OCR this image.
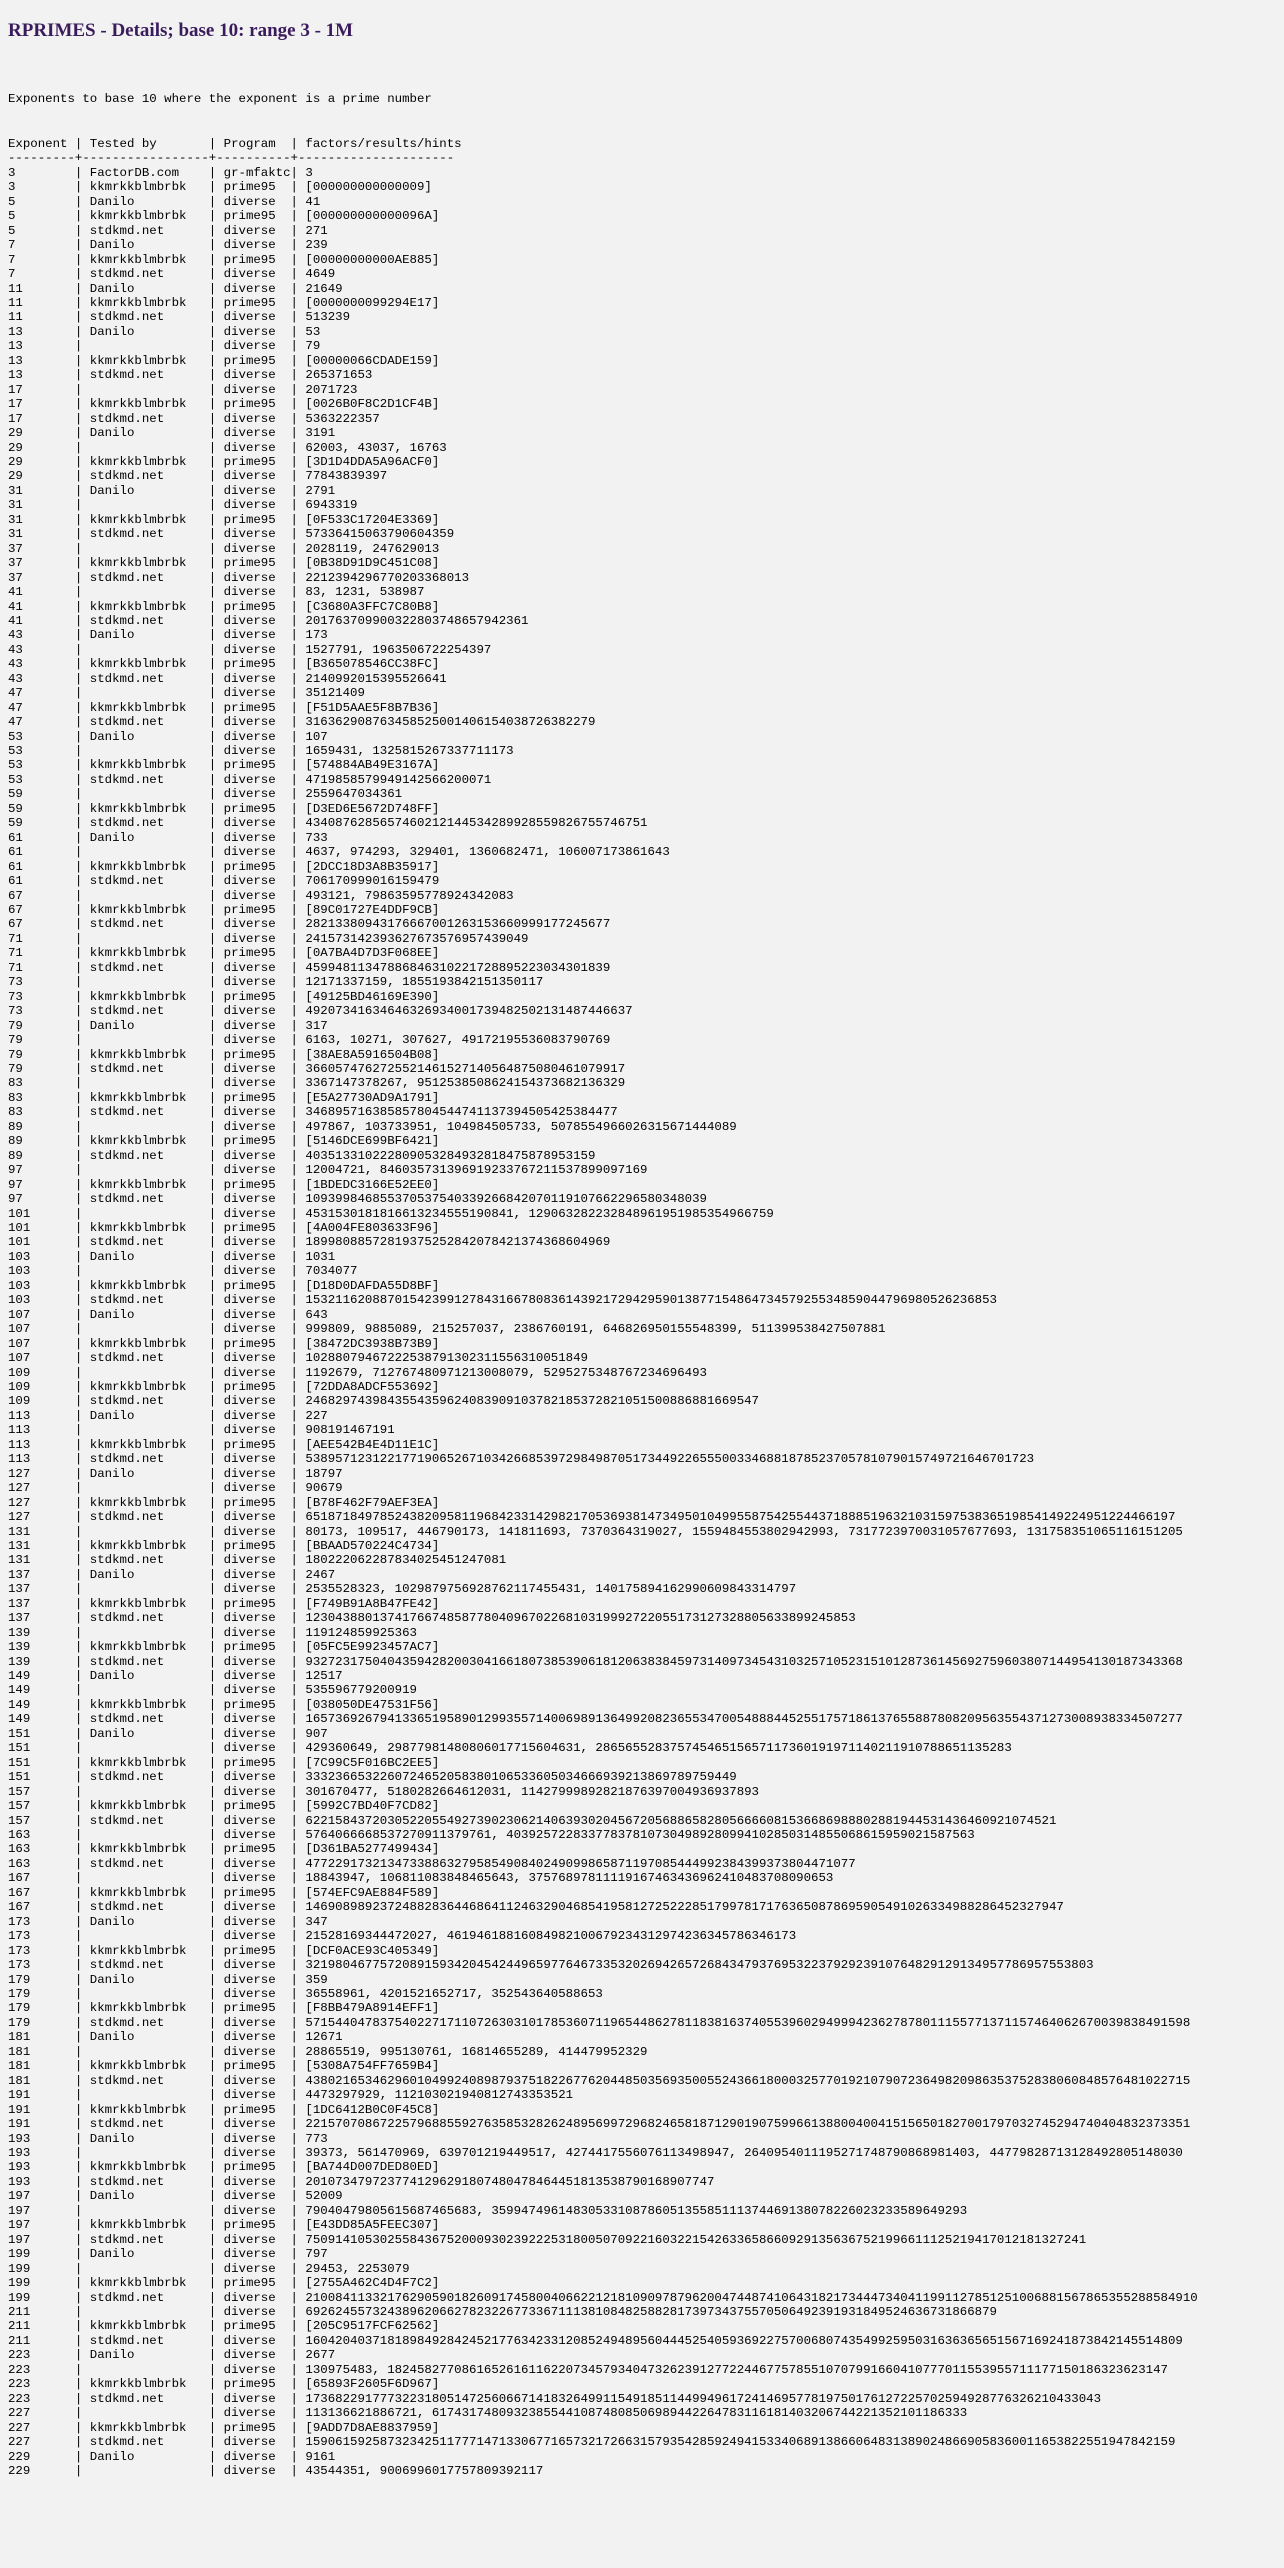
RPRIMES - Details; base 10: range 3 - 1M
Exponents to base 10 where the exponent is a prime number
Exponent | Tested by       | Program  | factors/results/hints
---------+-----------------+----------+---------------------
3        | FactorDB.com    | gr-mfaktc| 3
3        | kkmrkkblmbrbk   | prime95  | [000000000000009]
5        | Danilo          | diverse  | 41
5        | kkmrkkblmbrbk   | prime95  | [000000000000096A]
5        | stdkmd.net      | diverse  | 271
7        | Danilo          | diverse  | 239
7        | kkmrkkblmbrbk   | prime95  | [00000000000AE885]
7        | stdkmd.net      | diverse  | 4649
11       | Danilo          | diverse  | 21649
11       | kkmrkkblmbrbk   | prime95  | [0000000099294E17]
11       | stdkmd.net      | diverse  | 513239
13       | Danilo          | diverse  | 53
13       |                 | diverse  | 79
13       | kkmrkkblmbrbk   | prime95  | [00000066CDADE159]
13       | stdkmd.net      | diverse  | 265371653
17       |                 | diverse  | 2071723
17       | kkmrkkblmbrbk   | prime95  | [0026B0F8C2D1CF4B]
17       | stdkmd.net      | diverse  | 5363222357
29       | Danilo          | diverse  | 3191
29       |                 | diverse  | 62003, 43037, 16763
29       | kkmrkkblmbrbk   | prime95  | [3D1D4DDA5A96ACF0]
29       | stdkmd.net      | diverse  | 77843839397
31       | Danilo          | diverse  | 2791
31       |                 | diverse  | 6943319
31       | kkmrkkblmbrbk   | prime95  | [0F533C17204E3369]
31       | stdkmd.net      | diverse  | 57336415063790604359
37       |                 | diverse  | 2028119, 247629013
37       | kkmrkkblmbrbk   | prime95  | [0B38D91D9C451C08]
37       | stdkmd.net      | diverse  | 2212394296770203368013
41       |                 | diverse  | 83, 1231, 538987
41       | kkmrkkblmbrbk   | prime95  | [C3680A3FFC7C80B8]
41       | stdkmd.net      | diverse  | 201763709900322803748657942361
43       | Danilo          | diverse  | 173
43       |                 | diverse  | 1527791, 1963506722254397
43       | kkmrkkblmbrbk   | prime95  | [B365078546CC38FC]
43       | stdkmd.net      | diverse  | 2140992015395526641
47       |                 | diverse  | 35121409
47       | kkmrkkblmbrbk   | prime95  | [F51D5AAE5F8B7B36]
47       | stdkmd.net      | diverse  | 316362908763458525001406154038726382279
53       | Danilo          | diverse  | 107
53       |                 | diverse  | 1659431, 1325815267337711173
53       | kkmrkkblmbrbk   | prime95  | [574884AB49E3167A]
53       | stdkmd.net      | diverse  | 4719858579949142566200071
59       |                 | diverse  | 2559647034361
59       | kkmrkkblmbrbk   | prime95  | [D3ED6E5672D748FF]
59       | stdkmd.net      | diverse  | 4340876285657460212144534289928559826755746751
61       | Danilo          | diverse  | 733
61       |                 | diverse  | 4637, 974293, 329401, 1360682471, 106007173861643
61       | kkmrkkblmbrbk   | prime95  | [2DCC18D3A8B35917]
61       | stdkmd.net      | diverse  | 706170999016159479
67       |                 | diverse  | 493121, 79863595778924342083
67       | kkmrkkblmbrbk   | prime95  | [89C01727E4DDF9CB]
67       | stdkmd.net      | diverse  | 28213380943176667001263153660999177245677
71       |                 | diverse  | 241573142393627673576957439049
71       | kkmrkkblmbrbk   | prime95  | [0A7BA4D7D3F068EE]
71       | stdkmd.net      | diverse  | 45994811347886846310221728895223034301839
73       |                 | diverse  | 12171337159, 1855193842151350117
73       | kkmrkkblmbrbk   | prime95  | [49125BD46169E390]
73       | stdkmd.net      | diverse  | 49207341634646326934001739482502131487446637
79       | Danilo          | diverse  | 317
79       |                 | diverse  | 6163, 10271, 307627, 49172195536083790769
79       | kkmrkkblmbrbk   | prime95  | [38AE8A5916504B08]
79       | stdkmd.net      | diverse  | 3660574762725521461527140564875080461079917
83       |                 | diverse  | 3367147378267, 9512538508624154373682136329
83       | kkmrkkblmbrbk   | prime95  | [E5A27730AD9A1791]
83       | stdkmd.net      | diverse  | 346895716385857804544741137394505425384477
89       |                 | diverse  | 497867, 103733951, 104984505733, 5078554966026315671444089
89       | kkmrkkblmbrbk   | prime95  | [5146DCE699BF6421]
89       | stdkmd.net      | diverse  | 403513310222809053284932818475878953159
97       |                 | diverse  | 12004721, 846035731396919233767211537899097169
97       | kkmrkkblmbrbk   | prime95  | [1BDEDC3166E52EE0]
97       | stdkmd.net      | diverse  | 109399846855370537540339266842070119107662296580348039
101      |                 | diverse  | 4531530181816613234555190841, 129063282232848961951985354966759
101      | kkmrkkblmbrbk   | prime95  | [4A004FE803633F96]
101      | stdkmd.net      | diverse  | 18998088572819375252842078421374368604969
103      | Danilo          | diverse  | 1031
103      |                 | diverse  | 7034077
103      | kkmrkkblmbrbk   | prime95  | [D18D0DAFDA55D8BF]
103      | stdkmd.net      | diverse  | 153211620887015423991278431667808361439217294295901387715486473457925534859044796980526236853
107      | Danilo          | diverse  | 643
107      |                 | diverse  | 999809, 9885089, 215257037, 2386760191, 646826950155548399, 511399538427507881
107      | kkmrkkblmbrbk   | prime95  | [38472DC3938B73B9]
107      | stdkmd.net      | diverse  | 10288079467222538791302311556310051849
109      |                 | diverse  | 1192679, 712767480971213008079, 5295275348767234696493
109      | kkmrkkblmbrbk   | prime95  | [72DDA8ADCF553692]
109      | stdkmd.net      | diverse  | 2468297439843554359624083909103782185372821051500886881669547
113      | Danilo          | diverse  | 227
113      |                 | diverse  | 908191467191
113      | kkmrkkblmbrbk   | prime95  | [AEE542B4E4D11E1C]
113      | stdkmd.net      | diverse  | 53895712312217719065267103426685397298498705173449226555003346881878523705781079015749721646701723
127      | Danilo          | diverse  | 18797
127      |                 | diverse  | 90679
127      | kkmrkkblmbrbk   | prime95  | [B78F462F79AEF3EA]
127      | stdkmd.net      | diverse  | 651871849785243820958119684233142982170536938147349501049955875425544371888519632103159753836519854149224951224466197
131      |                 | diverse  | 80173, 109517, 446790173, 141811693, 7370364319027, 1559484553802942993, 7317723970031057677693, 131758351065116151205
131      | kkmrkkblmbrbk   | prime95  | [BBAAD570224C4734]
131      | stdkmd.net      | diverse  | 180222062287834025451247081
137      | Danilo          | diverse  | 2467
137      |                 | diverse  | 2535528323, 1029879756928762117455431, 140175894162990609843314797
137      | kkmrkkblmbrbk   | prime95  | [F749B91A8B47FE42]
137      | stdkmd.net      | diverse  | 12304388013741766748587780409670226810319992722055173127328805633899245853
139      |                 | diverse  | 119124859925363
139      | kkmrkkblmbrbk   | prime95  | [05FC5E9923457AC7]
139      | stdkmd.net      | diverse  | 9327231750404359428200304166180738539061812063838459731409734543103257105231510128736145692759603807144954130187343368
149      | Danilo          | diverse  | 12517
149      |                 | diverse  | 535596779200919
149      | kkmrkkblmbrbk   | prime95  | [038050DE47531F56]
149      | stdkmd.net      | diverse  | 1657369267941336519589012993557140069891364992082365534700548884452551757186137655887808209563554371273008938334507277
151      | Danilo          | diverse  | 907
151      |                 | diverse  | 429360649, 29877981480806017715604631, 28656552837574546515657117360191971140211910788651135283
151      | kkmrkkblmbrbk   | prime95  | [7C99C5F016BC2EE5]
151      | stdkmd.net      | diverse  | 3332366532260724652058380106533605034666939213869789759449
157      |                 | diverse  | 301670477, 5180282664612031, 11427999892821876397004936937893
157      | kkmrkkblmbrbk   | prime95  | [5992C7BD40F7CD82]
157      | stdkmd.net      | diverse  | 62215843720305220554927390230621406393020456720568865828056666081536686988802881944531436460921074521
163      |                 | diverse  | 5764066668537270911379761, 403925722833778378107304989280994102850314855068615959021587563
163      | kkmrkkblmbrbk   | prime95  | [D361BA5277499434]
163      | stdkmd.net      | diverse  | 47722917321347338863279585490840249099865871197085444992384399373804471077
167      |                 | diverse  | 18843947, 106811083848465643, 37576897811119167463436962410483708090653
167      | kkmrkkblmbrbk   | prime95  | [574EFC9AE884F589]
167      | stdkmd.net      | diverse  | 146908989237248828364468641124632904685419581272522285179978171763650878695905491026334988286452327947
173      | Danilo          | diverse  | 347
173      |                 | diverse  | 21528169344472027, 46194618816084982100679234312974236345786346173
173      | kkmrkkblmbrbk   | prime95  | [DCF0ACE93C405349]
173      | stdkmd.net      | diverse  | 3219804677572089159342045424496597764673353202694265726843479376953223792923910764829129134957786957553803
179      | Danilo          | diverse  | 359
179      |                 | diverse  | 36558961, 4201521652717, 352543640588653
179      | kkmrkkblmbrbk   | prime95  | [F8BB479A8914EFF1]
179      | stdkmd.net      | diverse  | 57154404783754022717110726303101785360711965448627811838163740553960294999423627878011155771371157464062670039838491598
181      | Danilo          | diverse  | 12671
181      |                 | diverse  | 28865519, 995130761, 16814655289, 414479952329
181      | kkmrkkblmbrbk   | prime95  | [5308A754FF7659B4]
181      | stdkmd.net      | diverse  | 43802165346296010499240898793751822677620448503569350055243661800032577019210790723649820986353752838060848576481022715
191      |                 | diverse  | 4473297929, 112103021940812743353521
191      | kkmrkkblmbrbk   | prime95  | [1DC6412B0C0F45C8]
191      | stdkmd.net      | diverse  | 22157070867225796885592763585328262489569972968246581871290190759966138800400415156501827001797032745294740404832373351
193      | Danilo          | diverse  | 773
193      |                 | diverse  | 39373, 561470969, 639701219449517, 4274417556076113498947, 2640954011195271748790868981403, 44779828713128492805148030
193      | kkmrkkblmbrbk   | prime95  | [BA744D007DED80ED]
193      | stdkmd.net      | diverse  | 2010734797237741296291807480478464451813538790168907747
197      | Danilo          | diverse  | 52009
197      |                 | diverse  | 79040479805615687465683, 3599474961483053310878605135585111374469138078226023233589649293
197      | kkmrkkblmbrbk   | prime95  | [E43DD85A5FEEC307]
197      | stdkmd.net      | diverse  | 750914105302558436752000930239222531800507092216032215426336586609291356367521996611125219417012181327241
199      | Danilo          | diverse  | 797
199      |                 | diverse  | 29453, 2253079
199      | kkmrkkblmbrbk   | prime95  | [2755A462C4D4F7C2]
199      | stdkmd.net      | diverse  | 210084113321762905901826091745800406622121810909787962004744874106431821734447340411991127851251006881567865355288584910
211      |                 | diverse  | 692624557324389620662782322677336711138108482588281739734375570506492391931849524636731866879
211      | kkmrkkblmbrbk   | prime95  | [205C9517FCF62562]
211      | stdkmd.net      | diverse  | 1604204037181898492842452177634233120852494895604445254059369227570068074354992595031636365651567169241873842145514809
223      | Danilo          | diverse  | 2677
223      |                 | diverse  | 130975483, 182458277086165261611622073457934047326239127722446775785510707991660410777011553955711177150186323623147
223      | kkmrkkblmbrbk   | prime95  | [65893F2605F6D967]
223      | stdkmd.net      | diverse  | 17368229177732231805147256066714183264991154918511449949617241469577819750176127225702594928776326210433043
227      |                 | diverse  | 113136621886721, 617431748093238554410874808506989442264783116181403206744221352101186333
227      | kkmrkkblmbrbk   | prime95  | [9ADD7D8AE8837959]
227      | stdkmd.net      | diverse  | 159061592587323425117771471330677165732172663157935428592494153340689138660648313890248669058360011653822551947842159
229      | Danilo          | diverse  | 9161
229      |                 | diverse  | 43544351, 9006996017757809392117
